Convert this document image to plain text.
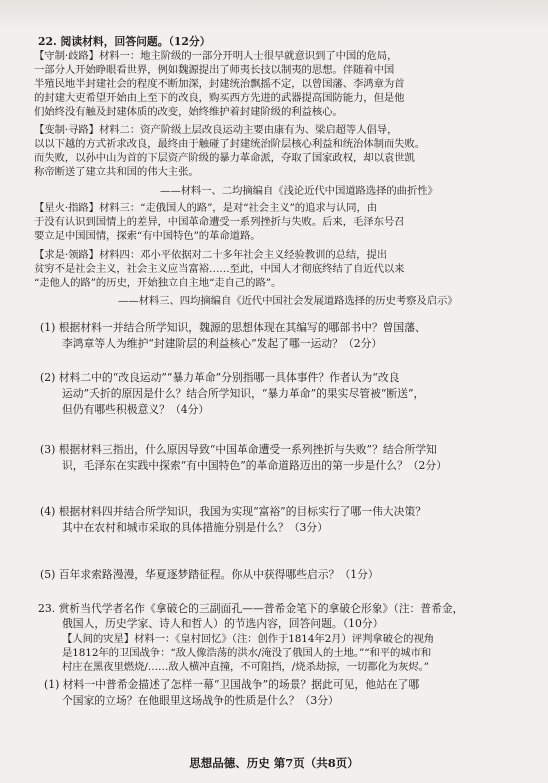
22. 阅读材料，回答问题。（12分）
【守制·歧路】材料一：地主阶级的一部分开明人士很早就意识到了中国的危局，
一部分人开始睁眼看世界，例如魏源提出了师夷长技以制夷的思想。伴随着中国
半殖民地半封建社会的程度不断加深，封建统治飘摇不定，以曾国藩、李鸿章为首
的封建大吏希望开始由上至下的改良，购买西方先进的武器提高国防能力，但是他
们始终没有触及封建体质的改变，始终维护着封建阶级的利益核心。
【变制·寻路】材料二：资产阶级上层改良运动主要由康有为、梁启超等人倡导，
以以下越的方式祈求改良，最终由于触碰了封建统治阶层核心利益和统治体制而失败。
而失败，以孙中山为首的下层资产阶级的暴力革命派，夺取了国家政权，却以袁世凯
称帝断送了建立共和国的伟大主张。
——材料一、二均摘编自《浅论近代中国道路选择的曲折性》
【星火·指路】材料三：“走俄国人的路”，是对“社会主义”的追求与认同，由
于没有认识到国情上的差异，中国革命遭受一系列挫折与失败。后来，毛泽东号召
要立足中国国情，探索“有中国特色”的革命道路。
【求是·领路】材料四：邓小平依据对二十多年社会主义经验教训的总结，提出
贫穷不是社会主义，社会主义应当富裕……至此，中国人才彻底终结了自近代以来
“走他人的路”的历史，开始独立自主地“走自己的路”。
——材料三、四均摘编自《近代中国社会发展道路选择的历史考察及启示》
(1) 根据材料一并结合所学知识，魏源的思想体现在其编写的哪部书中？曾国藩、
李鸿章等人为维护“封建阶层的利益核心”发起了哪一运动？（2分）
(2) 材料二中的“改良运动”“暴力革命”分别指哪一具体事件？作者认为“改良
运动”夭折的原因是什么？结合所学知识，“暴力革命”的果实尽管被“断送”，
但仍有哪些积极意义？（4分）
(3) 根据材料三指出，什么原因导致“中国革命遭受一系列挫折与失败”？结合所学知
识，毛泽东在实践中探索“有中国特色”的革命道路迈出的第一步是什么？（2分）
(4) 根据材料四并结合所学知识，我国为实现“富裕”的目标实行了哪一伟大决策？
其中在农村和城市采取的具体措施分别是什么？（3分）
(5) 百年求索路漫漫，华夏逐梦踏征程。你从中获得哪些启示？（1分）
23. 赏析当代学者名作《拿破仑的三副面孔——普希金笔下的拿破仑形象》（注：普希金，
俄国人，历史学家、诗人和哲人）的节选内容，回答问题。（10分）
【人间的灾星】材料一：《皇村回忆》（注：创作于1814年2月）评判拿破仑的视角
是1812年的卫国战争：“敌人像浩荡的洪水/淹没了俄国人的土地。”“和平的城市和
村庄在黑夜里燃烧/……敌人横冲直撞，不可阻挡，/烧杀劫掠，一切都化为灰烬。”
(1) 材料一中普希金描述了怎样一幕“卫国战争”的场景？据此可见，他站在了哪
个国家的立场？在他眼里这场战争的性质是什么？（3分）
思想品德、历史 第7页（共8页）
